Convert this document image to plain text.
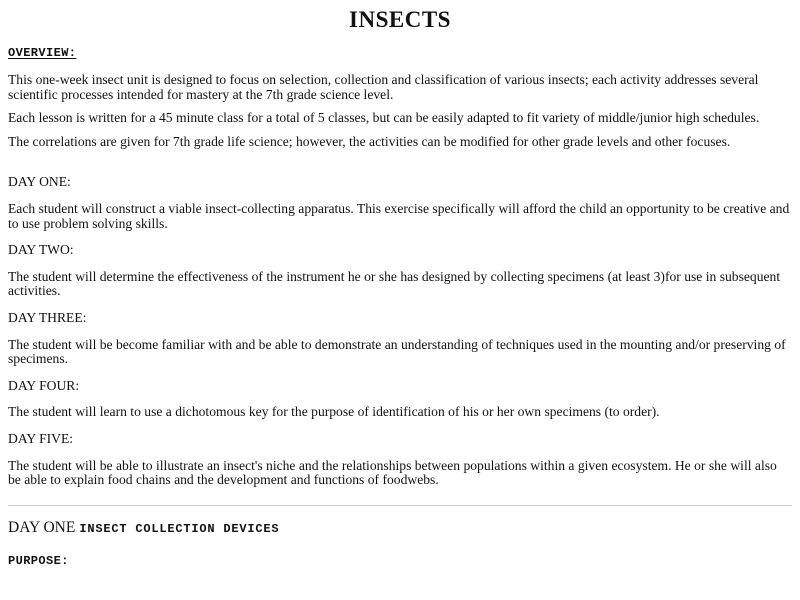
INSECTS
OVERVIEW:

This one-week insect unit is designed to focus on selection, collection and classification of various insects; each activity addresses several scientific processes intended for mastery at the 7th grade science level.

Each lesson is written for a 45 minute class for a total of 5 classes, but can be easily adapted to fit variety of middle/junior high schedules.

The correlations are given for 7th grade life science; however, the activities can be modified for other grade levels and other focuses.

DAY ONE:

Each student will construct a viable insect-collecting apparatus. This exercise specifically will afford the child an opportunity to be creative and to use problem solving skills.

DAY TWO:

The student will determine the effectiveness of the instrument he or she has designed by collecting specimens (at least 3)for use in subsequent activities.

DAY THREE:

The student will be become familiar with and be able to demonstrate an understanding of techniques used in the mounting and/or preserving of specimens.

DAY FOUR:

The student will learn to use a dichotomous key for the purpose of identification of his or her own specimens (to order).

DAY FIVE:

The student will be able to illustrate an insect's niche and the relationships between populations within a given ecosystem. He or she will also be able to explain food chains and the development and functions of foodwebs.

DAY ONE INSECT COLLECTION DEVICES

PURPOSE:
